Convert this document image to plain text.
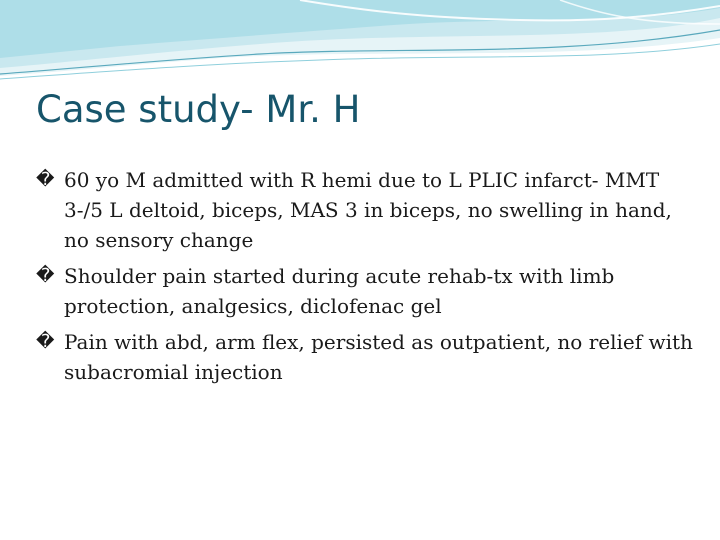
Case study- Mr. H
� 60 yo M admitted with R hemi due to L PLIC infarct- MMT 3-/5 L deltoid, biceps, MAS 3 in biceps, no swelling in hand, no sensory change
� Shoulder pain started during acute rehab-tx with limb protection, analgesics, diclofenac gel
� Pain with abd, arm flex, persisted as outpatient, no relief with subacromial injection
